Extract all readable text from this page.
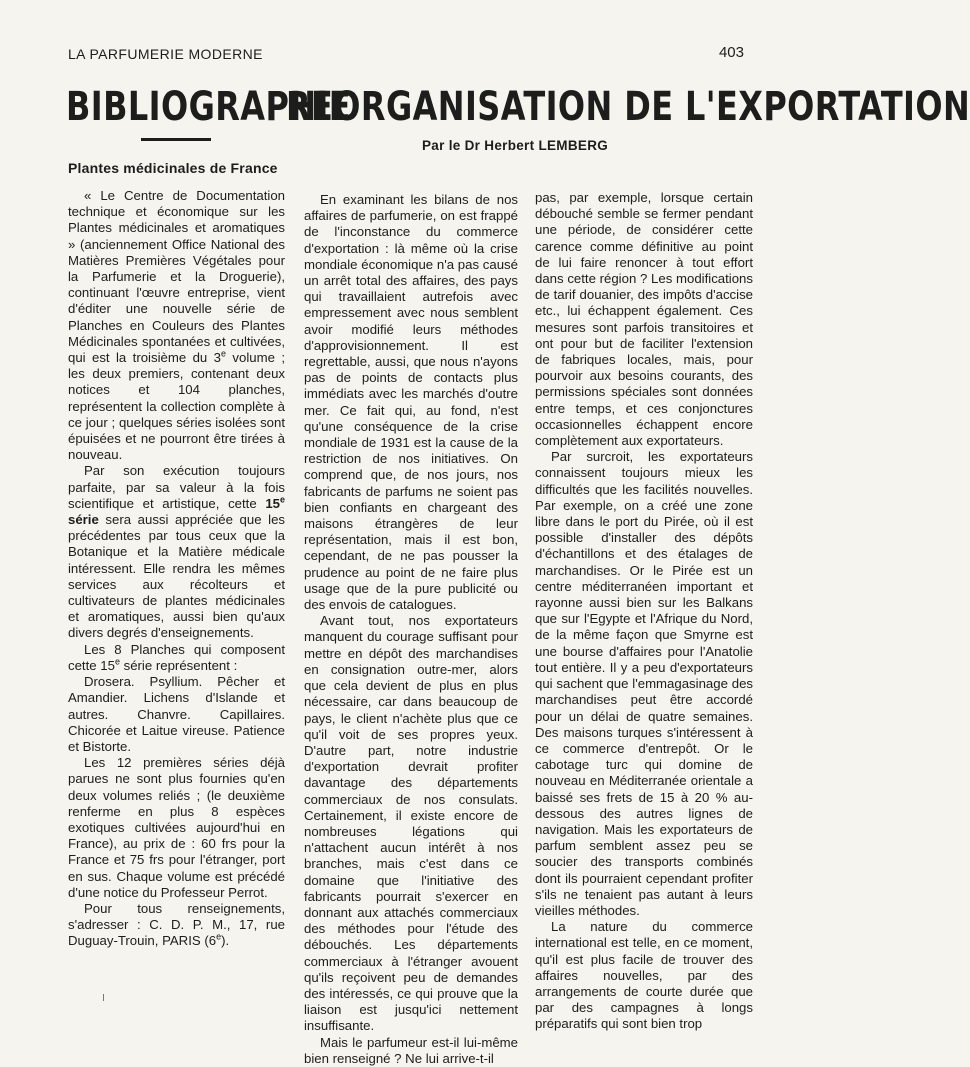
LA PARFUMERIE MODERNE	403
BIBLIOGRAPHIE
REORGANISATION DE L'EXPORTATION
Par le Dr Herbert LEMBERG
Plantes médicinales de France

« Le Centre de Documentation technique et économique sur les Plantes médicinales et aromatiques » (anciennement Office National des Matières Premières Végétales pour la Parfumerie et la Droguerie), continuant l'œuvre entreprise, vient d'éditer une nouvelle série de Planches en Couleurs des Plantes Médicinales spontanées et cultivées, qui est la troisième du 3e volume ; les deux premiers, contenant deux notices et 104 planches, représentent la collection complète à ce jour ; quelques séries isolées sont épuisées et ne pourront être tirées à nouveau.

Par son exécution toujours parfaite, par sa valeur à la fois scientifique et artistique, cette 15e série sera aussi appréciée que les précédentes par tous ceux que la Botanique et la Matière médicale intéressent. Elle rendra les mêmes services aux récolteurs et cultivateurs de plantes médicinales et aromatiques, aussi bien qu'aux divers degrés d'enseignements.

Les 8 Planches qui composent cette 15e série représentent :

Drosera. Psyllium. Pêcher et Amandier. Lichens d'Islande et autres. Chanvre. Capillaires. Chicorée et Laitue vireuse. Patience et Bistorte.

Les 12 premières séries déjà parues ne sont plus fournies qu'en deux volumes reliés ; (le deuxième renferme en plus 8 espèces exotiques cultivées aujourd'hui en France), au prix de : 60 frs pour la France et 75 frs pour l'étranger, port en sus. Chaque volume est précédé d'une notice du Professeur Perrot.

Pour tous renseignements, s'adresser : C. D. P. M., 17, rue Duguay-Trouin, PARIS (6e).

En examinant les bilans de nos affaires de parfumerie, on est frappé de l'inconstance du commerce d'exportation : là même où la crise mondiale économique n'a pas causé un arrêt total des affaires, des pays qui travaillaient autrefois avec empressement avec nous semblent avoir modifié leurs méthodes d'approvisionnement. Il est regrettable, aussi, que nous n'ayons pas de points de contacts plus immédiats avec les marchés d'outre mer. Ce fait qui, au fond, n'est qu'une conséquence de la crise mondiale de 1931 est la cause de la restriction de nos initiatives. On comprend que, de nos jours, nos fabricants de parfums ne soient pas bien confiants en chargeant des maisons étrangères de leur représentation, mais il est bon, cependant, de ne pas pousser la prudence au point de ne faire plus usage que de la pure publicité ou des envois de catalogues.

Avant tout, nos exportateurs manquent du courage suffisant pour mettre en dépôt des marchandises en consignation outre-mer, alors que cela devient de plus en plus nécessaire, car dans beaucoup de pays, le client n'achète plus que ce qu'il voit de ses propres yeux. D'autre part, notre industrie d'exportation devrait profiter davantage des départements commerciaux de nos consulats. Certainement, il existe encore de nombreuses légations qui n'attachent aucun intérêt à nos branches, mais c'est dans ce domaine que l'initiative des fabricants pourrait s'exercer en donnant aux attachés commerciaux des méthodes pour l'étude des débouchés. Les départements commerciaux à l'étranger avouent qu'ils reçoivent peu de demandes des intéressés, ce qui prouve que la liaison est jusqu'ici nettement insuffisante.

Mais le parfumeur est-il lui-même bien renseigné ? Ne lui arrive-t-il

pas, par exemple, lorsque certain débouché semble se fermer pendant une période, de considérer cette carence comme définitive au point de lui faire renoncer à tout effort dans cette région ? Les modifications de tarif douanier, des impôts d'accise etc., lui échappent également. Ces mesures sont parfois transitoires et ont pour but de faciliter l'extension de fabriques locales, mais, pour pourvoir aux besoins courants, des permissions spéciales sont données entre temps, et ces conjonctures occasionnelles échappent encore complètement aux exportateurs.

Par surcroit, les exportateurs connaissent toujours mieux les difficultés que les facilités nouvelles. Par exemple, on a créé une zone libre dans le port du Pirée, où il est possible d'installer des dépôts d'échantillons et des étalages de marchandises. Or le Pirée est un centre méditerranéen important et rayonne aussi bien sur les Balkans que sur l'Egypte et l'Afrique du Nord, de la même façon que Smyrne est une bourse d'affaires pour l'Anatolie tout entière. Il y a peu d'exportateurs qui sachent que l'emmagasinage des marchandises peut être accordé pour un délai de quatre semaines. Des maisons turques s'intéressent à ce commerce d'entrepôt. Or le cabotage turc qui domine de nouveau en Méditerranée orientale a baissé ses frets de 15 à 20 % au-dessous des autres lignes de navigation. Mais les exportateurs de parfum semblent assez peu se soucier des transports combinés dont ils pourraient cependant profiter s'ils ne tenaient pas autant à leurs vieilles méthodes.

La nature du commerce international est telle, en ce moment, qu'il est plus facile de trouver des affaires nouvelles, par des arrangements de courte durée que par des campagnes à longs préparatifs qui sont bien trop
